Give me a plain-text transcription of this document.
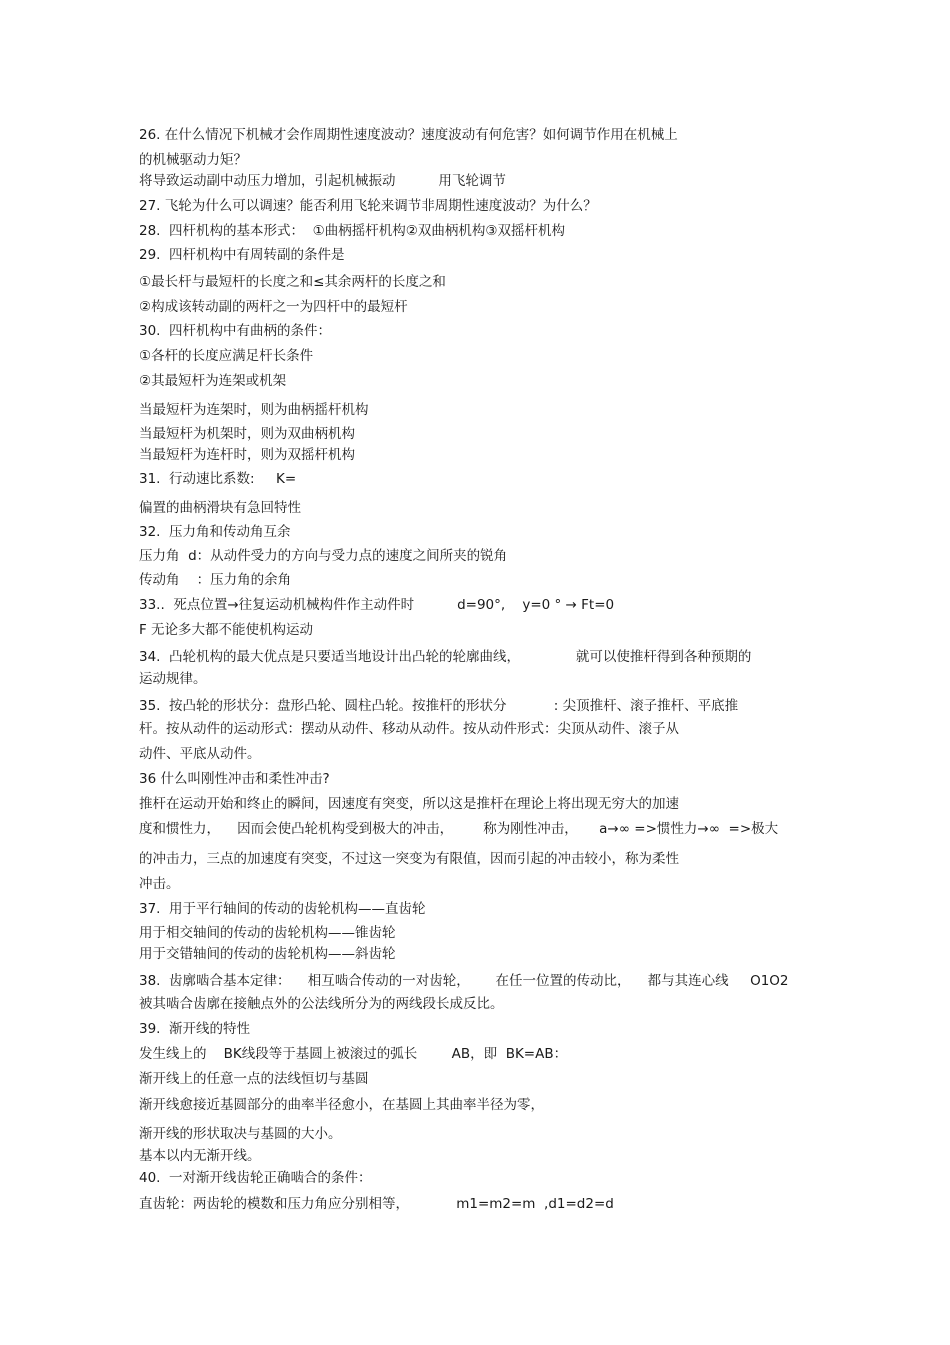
26. 在什么情况下机械才会作周期性速度波动？速度波动有何危害？如何调节作用在机械上
的机械驱动力矩？
将导致运动副中动压力增加，引起机械振动          用飞轮调节
27. 飞轮为什么可以调速？能否利用飞轮来调节非周期性速度波动？为什么？
28.  四杆机构的基本形式：  ①曲柄摇杆机构②双曲柄机构③双摇杆机构
29.  四杆机构中有周转副的条件是
①最长杆与最短杆的长度之和≤其余两杆的长度之和
②构成该转动副的两杆之一为四杆中的最短杆
30.  四杆机构中有曲柄的条件：
①各杆的长度应满足杆长条件
②其最短杆为连架或机架
当最短杆为连架时，则为曲柄摇杆机构
当最短杆为机架时，则为双曲柄机构
当最短杆为连杆时，则为双摇杆机构
31.  行动速比系数:     K=
偏置的曲柄滑块有急回特性
32.  压力角和传动角互余
压力角  d：从动件受力的方向与受力点的速度之间所夹的锐角
传动角    ：压力角的余角
33..  死点位置→往复运动机械构件作主动件时          d=90°,    y=0 ° → Ft=0
F 无论多大都不能使机构运动
34.  凸轮机构的最大优点是只要适当地设计出凸轮的轮廓曲线，             就可以使推杆得到各种预期的
运动规律。
35.  按凸轮的形状分：盘形凸轮、圆柱凸轮。按推杆的形状分           : 尖顶推杆、滚子推杆、平底推
杆。按从动件的运动形式：摆动从动件、移动从动件。按从动件形式：尖顶从动件、滚子从
动件、平底从动件。
36 什么叫刚性冲击和柔性冲击?
推杆在运动开始和终止的瞬间，因速度有突变，所以这是推杆在理论上将出现无穷大的加速
度和惯性力，    因而会使凸轮机构受到极大的冲击，       称为刚性冲击，     a→∞ =>惯性力→∞  =>极大
的冲击力，三点的加速度有突变，不过这一突变为有限值，因而引起的冲击较小，称为柔性
冲击。
37.  用于平行轴间的传动的齿轮机构——直齿轮
用于相交轴间的传动的齿轮机构——锥齿轮
用于交错轴间的传动的齿轮机构——斜齿轮
38.  齿廓啮合基本定律：    相互啮合传动的一对齿轮，      在任一位置的传动比，    都与其连心线     O1O2
被其啮合齿廓在接触点外的公法线所分为的两线段长成反比。
39.  渐开线的特性
发生线上的    BK线段等于基圆上被滚过的弧长        AB，即  BK=AB：
渐开线上的任意一点的法线恒切与基圆
渐开线愈接近基圆部分的曲率半径愈小，在基圆上其曲率半径为零，
渐开线的形状取决与基圆的大小。
基本以内无渐开线。
40.  一对渐开线齿轮正确啮合的条件：
直齿轮：两齿轮的模数和压力角应分别相等，           m1=m2=m  ,d1=d2=d
